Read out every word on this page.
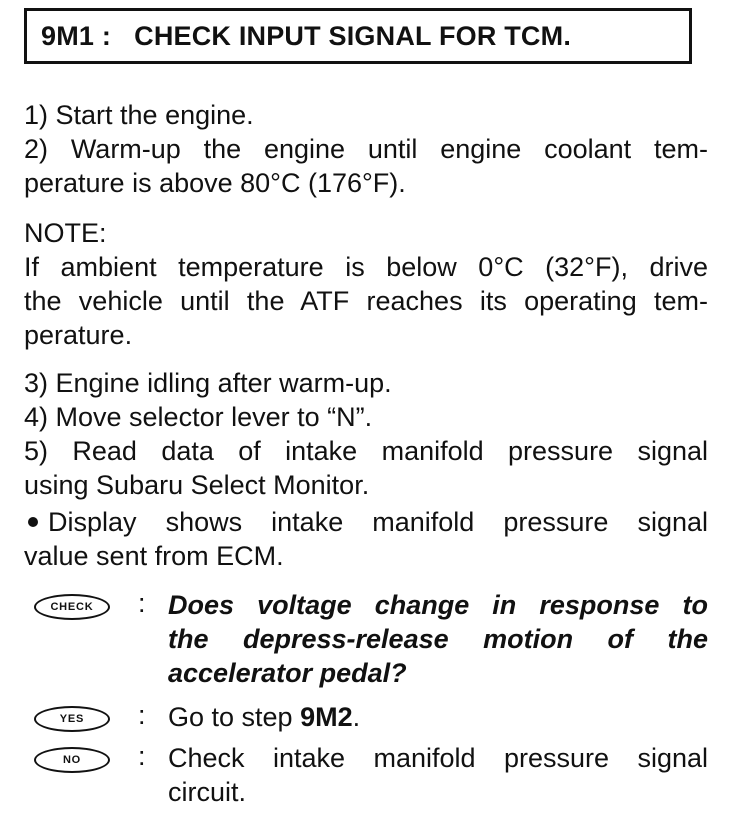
9M1 :   CHECK INPUT SIGNAL FOR TCM.
1) Start the engine.
2) Warm-up the engine until engine coolant tem-
perature is above 80°C (176°F).
NOTE:
If ambient temperature is below 0°C (32°F), drive
the vehicle until the ATF reaches its operating tem-
perature.
3) Engine idling after warm-up.
4) Move selector lever to “N”.
5) Read data of intake manifold pressure signal
using Subaru Select Monitor.
Display shows intake manifold pressure signal
value sent from ECM.
CHECK	: Does voltage change in response to
the depress-release motion of the
accelerator pedal?
YES	: Go to step 9M2.
NO	: Check intake manifold pressure signal
circuit.
